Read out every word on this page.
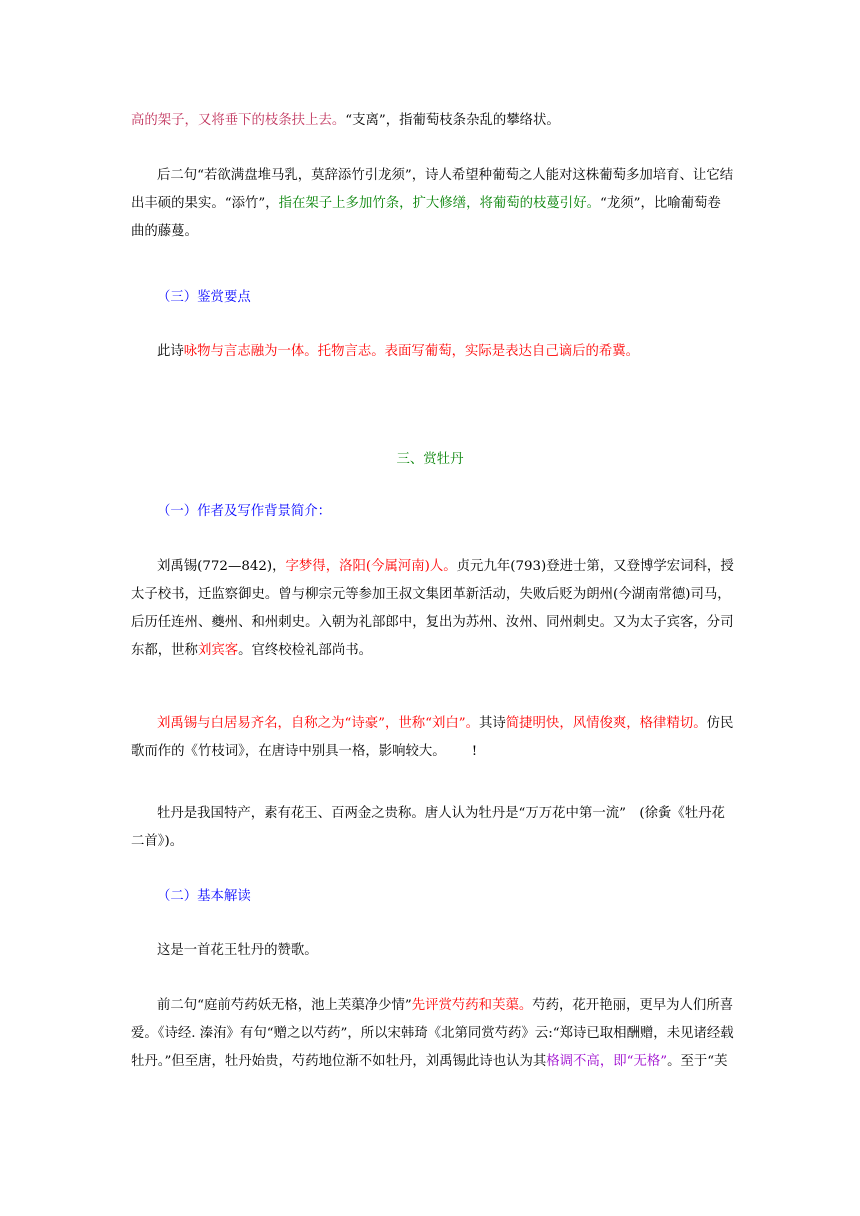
高的架子，又将垂下的枝条扶上去。“支离”，指葡萄枝条杂乱的攀络状。

后二句“若欲满盘堆马乳，莫辞添竹引龙须”，诗人希望种葡萄之人能对这株葡萄多加培育、让它结出丰硕的果实。“添竹”，指在架子上多加竹条，扩大修缮，将葡萄的枝蔓引好。“龙须”，比喻葡萄卷曲的藤蔓。

（三）鉴赏要点

此诗咏物与言志融为一体。托物言志。表面写葡萄，实际是表达自己谪后的希冀。

三、赏牡丹

（一）作者及写作背景简介：

刘禹锡(772—842)，字梦得，洛阳(今属河南)人。贞元九年(793)登进士第，又登博学宏词科，授太子校书，迁监察御史。曾与柳宗元等参加王叔文集团革新活动，失败后贬为朗州(今湖南常德)司马，后历任连州、夔州、和州刺史。入朝为礼部郎中，复出为苏州、汝州、同州刺史。又为太子宾客，分司东都，世称刘宾客。官终校检礼部尚书。

刘禹锡与白居易齐名，自称之为“诗豪”，世称“刘白”。其诗简捷明快，风情俊爽，格律精切。仿民歌而作的《竹枝词》，在唐诗中别具一格，影响较大。 !

牡丹是我国特产，素有花王、百两金之贵称。唐人认为牡丹是“万万花中第一流”　(徐夤《牡丹花二首》)。

（二）基本解读

这是一首花王牡丹的赞歌。

前二句“庭前芍药妖无格，池上芙蕖净少情”先评赏芍药和芙蕖。芍药，花开艳丽，更早为人们所喜爱。《诗经. 溱洧》有句“赠之以芍药”，所以宋韩琦《北第同赏芍药》云:“郑诗已取相酬赠，未见诸经载牡丹。”但至唐，牡丹始贵，芍药地位渐不如牡丹，刘禹锡此诗也认为其格调不高，即“无格”。至于“芙
